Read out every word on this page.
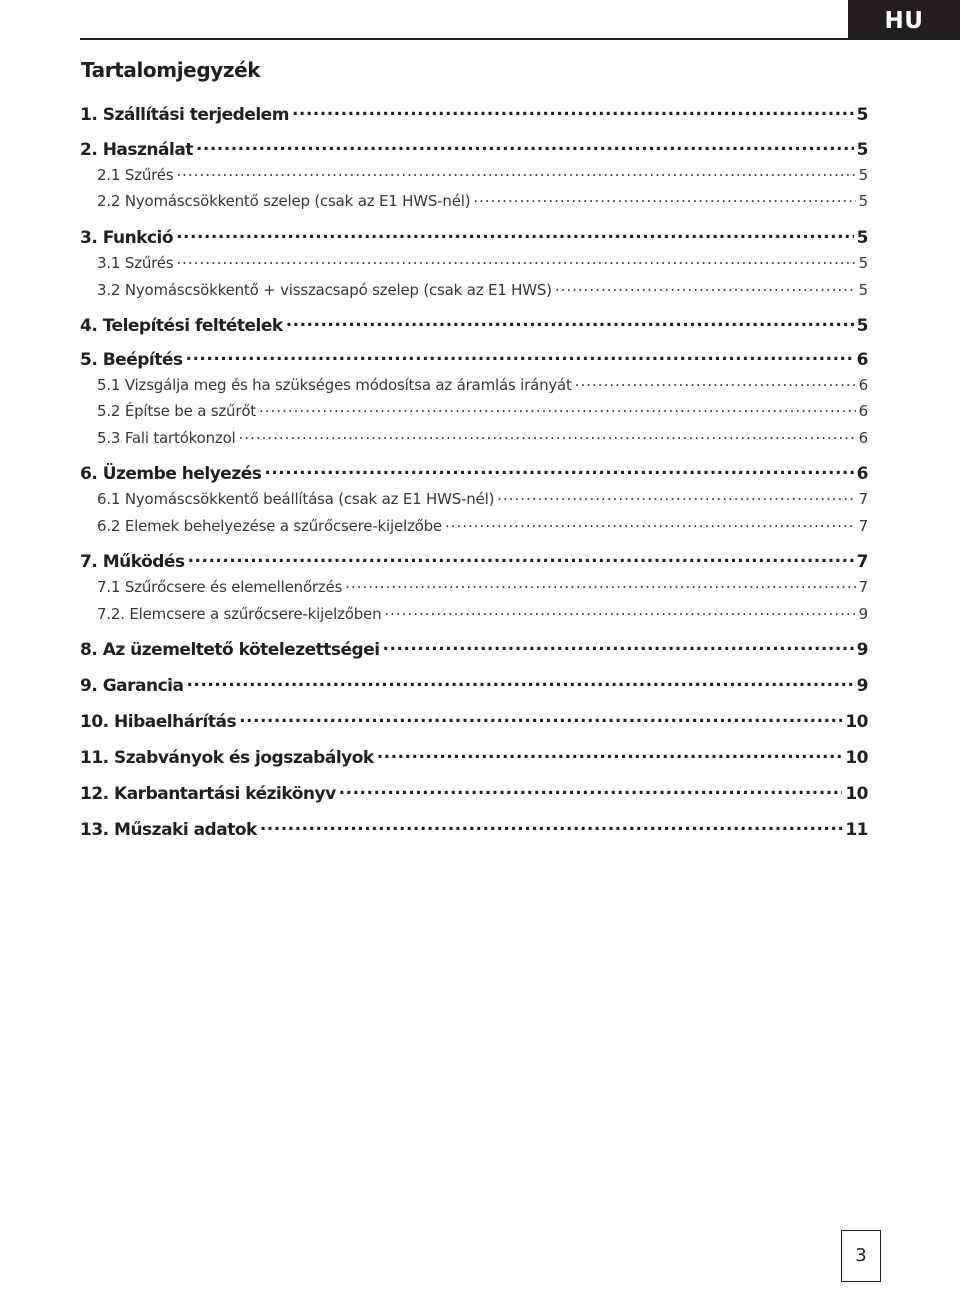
HU
Tartalomjegyzék
1. Szállítási terjedelem .....	5
2. Használat .....	5
2.1 Szűrés .....	5
2.2 Nyomáscsökkentő szelep (csak az E1 HWS-nél) .....	5
3. Funkció .....	5
3.1 Szűrés .....	5
3.2 Nyomáscsökkentő + visszacsapó szelep (csak az E1 HWS) .....	5
4. Telepítési feltételek .....	5
5. Beépítés .....	6
5.1 Vizsgálja meg és ha szükséges módosítsa az áramlás irányát .....	6
5.2 Építse be a szűrőt .....	6
5.3 Fali tartókonzol .....	6
6. Üzembe helyezés .....	6
6.1 Nyomáscsökkentő beállítása (csak az E1 HWS-nél) .....	7
6.2 Elemek behelyezése a szűrőcsere-kijelzőbe .....	7
7. Működés .....	7
7.1 Szűrőcsere és elemellenőrzés .....	7
7.2. Elemcsere a szűrőcsere-kijelzőben .....	9
8. Az üzemeltető kötelezettségei .....	9
9. Garancia .....	9
10. Hibaelhárítás .....	10
11. Szabványok és jogszabályok .....	10
12. Karbantartási kézikönyv .....	10
13. Műszaki adatok .....	11
3
